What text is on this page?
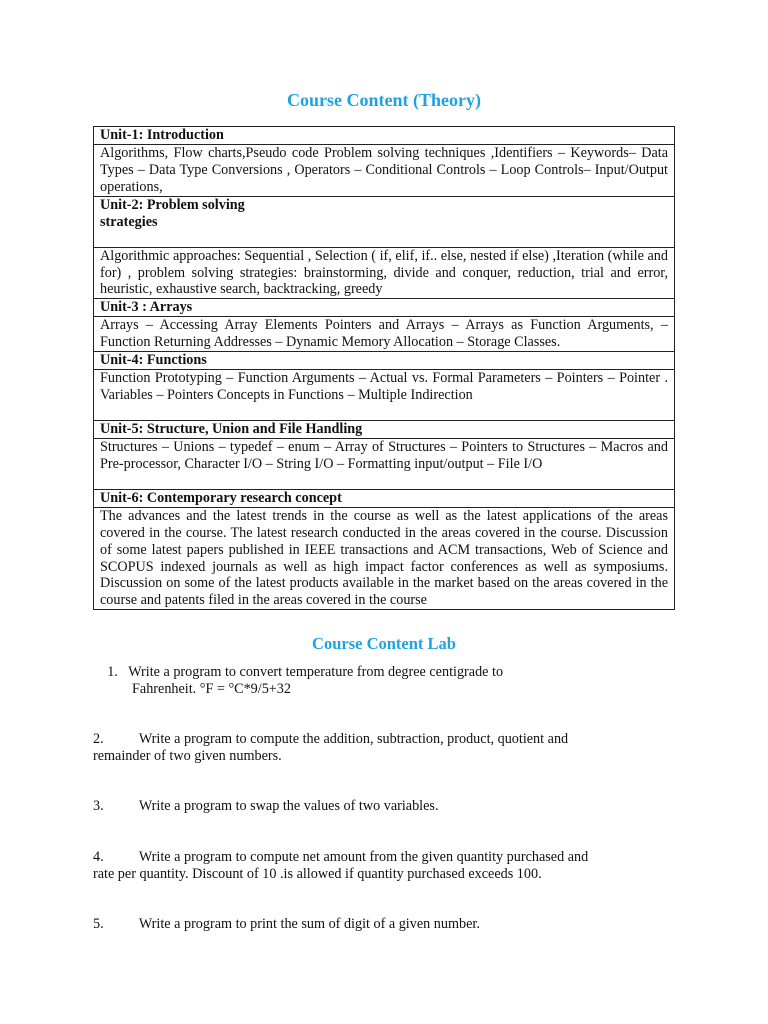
Course Content (Theory)
Unit-1: Introduction
Algorithms, Flow charts,Pseudo code Problem solving techniques ,Identifiers – Keywords– Data Types – Data Type Conversions , Operators – Conditional Controls – Loop Controls– Input/Output operations,
Unit-2: Problem solving
strategies
Algorithmic approaches: Sequential , Selection ( if, elif, if.. else, nested if else) ,Iteration (while and for) , problem solving strategies: brainstorming, divide and conquer, reduction, trial and error, heuristic, exhaustive search, backtracking, greedy
Unit-3 : Arrays
Arrays – Accessing Array Elements Pointers and Arrays – Arrays as Function Arguments, – Function Returning Addresses – Dynamic Memory Allocation – Storage Classes.
Unit-4: Functions
Function Prototyping – Function Arguments – Actual vs. Formal Parameters – Pointers – Pointer . Variables – Pointers Concepts in Functions – Multiple Indirection
Unit-5: Structure, Union and File Handling
Structures – Unions – typedef – enum – Array of Structures – Pointers to Structures – Macros and Pre-processor, Character I/O – String I/O – Formatting input/output – File I/O
Unit-6: Contemporary research concept
The advances and the latest trends in the course as well as the latest applications of the areas covered in the course. The latest research conducted in the areas covered in the course. Discussion of some latest papers published in IEEE transactions and ACM transactions, Web of Science and SCOPUS indexed journals as well as high impact factor conferences as well as symposiums. Discussion on some of the latest products available in the market based on the areas covered in the course and patents filed in the areas covered in the course
Course Content Lab
1.   Write a program to convert temperature from degree centigrade to
Fahrenheit. °F = °C*9/5+32
2.          Write a program to compute the addition, subtraction, product, quotient and
remainder of two given numbers.
3.          Write a program to swap the values of two variables.
4.          Write a program to compute net amount from the given quantity purchased and
rate per quantity. Discount of 10 .is allowed if quantity purchased exceeds 100.
5.          Write a program to print the sum of digit of a given number.
